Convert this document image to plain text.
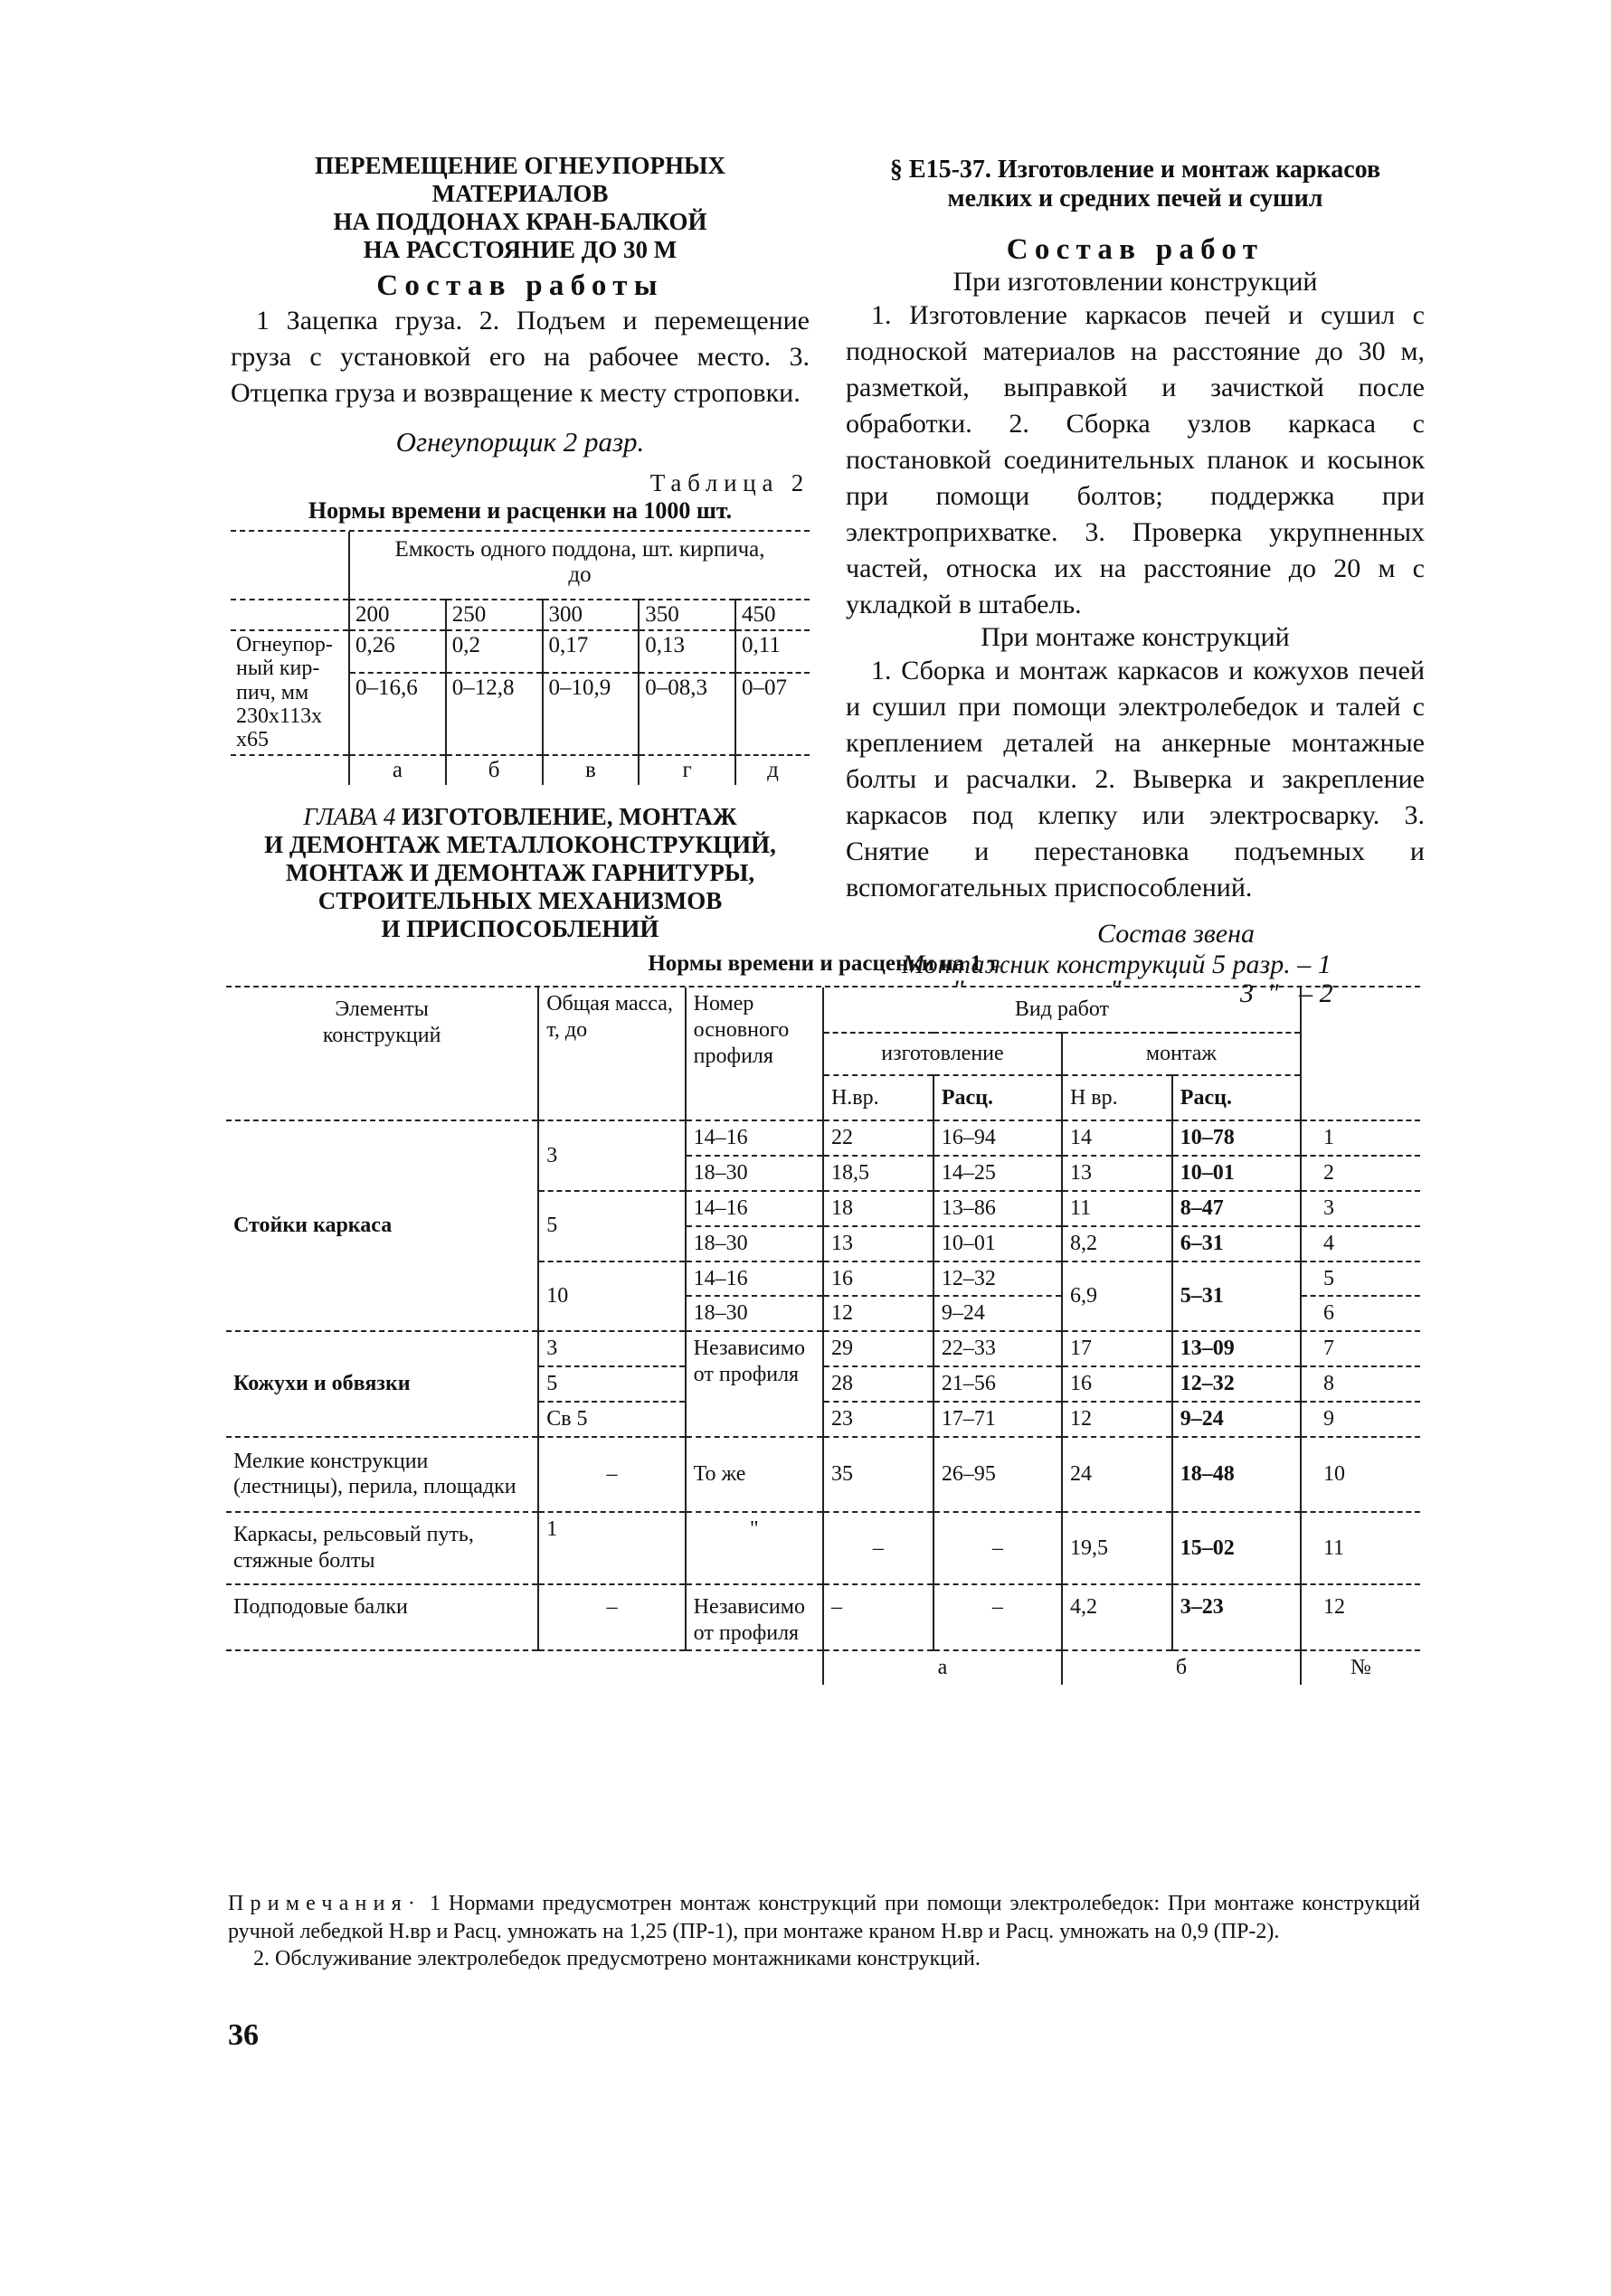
ПЕРЕМЕЩЕНИЕ ОГНЕУПОРНЫХ МАТЕРИАЛОВ
НА ПОДДОНАХ КРАН-БАЛКОЙ
НА РАССТОЯНИЕ ДО 30 М
Состав работы
1 Зацепка груза. 2. Подъем и перемещение груза с установкой его на рабочее место. 3. Отцепка груза и возвращение к месту строповки.
Огнеупорщик 2 разр.
Таблица 2
Нормы времени и расценки на 1000 шт.
	Емкость одного поддона, шт. кирпича, до				

	200	250	300	350	450

Огнеупор-
ный кир-
пич, мм
230x113x
x65	0,26	0,2	0,17	0,13	0,11
	0–16,6	0–12,8	0–10,9	0–08,3	0–07
	а	б	в	г	д
ГЛАВА 4 ИЗГОТОВЛЕНИЕ, МОНТАЖ
И ДЕМОНТАЖ МЕТАЛЛОКОНСТРУКЦИЙ,
МОНТАЖ И ДЕМОНТАЖ ГАРНИТУРЫ,
СТРОИТЕЛЬНЫХ МЕХАНИЗМОВ
И ПРИСПОСОБЛЕНИЙ
§ Е15-37. Изготовление и монтаж каркасов
мелких и средних печей и сушил
Состав работ
При изготовлении конструкций
1. Изготовление каркасов печей и сушил с подноской материалов на расстояние до 30 м, разметкой, выправкой и зачисткой после обработки. 2. Сборка узлов каркаса с постановкой соединительных планок и косынок при помощи болтов; поддержка при электроприхватке. 3. Проверка укрупненных частей, относка их на расстояние до 20 м с укладкой в штабель.
При монтаже конструкций
1. Сборка и монтаж каркасов и кожухов печей и сушил при помощи электролебедок и талей с креплением деталей на анкерные монтажные болты и расчалки. 2. Выверка и закрепление каркасов под клепку или электросварку. 3. Снятие и перестановка подъемных и вспомогательных приспособлений.
Состав звена
Монтажник конструкций 5 разр. – 1
"	"	3  "   – 2
Нормы времени и расценки на 1 т
Элементы конструкций	Общая масса, т, до	Номер основного профиля	Вид работ				
			изготовление		монтаж		
			Н.вр.	Расц.	Н вр.	Расц.	
Стойки каркаса	3	14–16	22	16–94	14	10–78	1
		18–30	18,5	14–25	13	10–01	2
	5	14–16	18	13–86	11	8–47	3
		18–30	13	10–01	8,2	6–31	4
	10	14–16	16	12–32	6,9	5–31	5
		18–30	12	9–24			6
Кожухи и обвязки	3	Независимо от профиля	29	22–33	17	13–09	7
	5		28	21–56	16	12–32	8
	Св 5		23	17–71	12	9–24	9
Мелкие конструкции (лестницы), перила, площадки	–	То же	35	26–95	24	18–48	10
Каркасы, рельсовый путь, стяжные болты	1	"	–	–	19,5	15–02	11
Подподовые балки	–	Независимо от профиля	–	–	4,2	3–23	12
			а		б		№
Примечания· 1 Нормами предусмотрен монтаж конструкций при помощи электролебедок: При монтаже конструкций ручной лебедкой Н.вр и Расц. умножать на 1,25 (ПР-1), при монтаже краном Н.вр и Расц. умножать на 0,9 (ПР-2).
2. Обслуживание электролебедок предусмотрено монтажниками конструкций.
36
